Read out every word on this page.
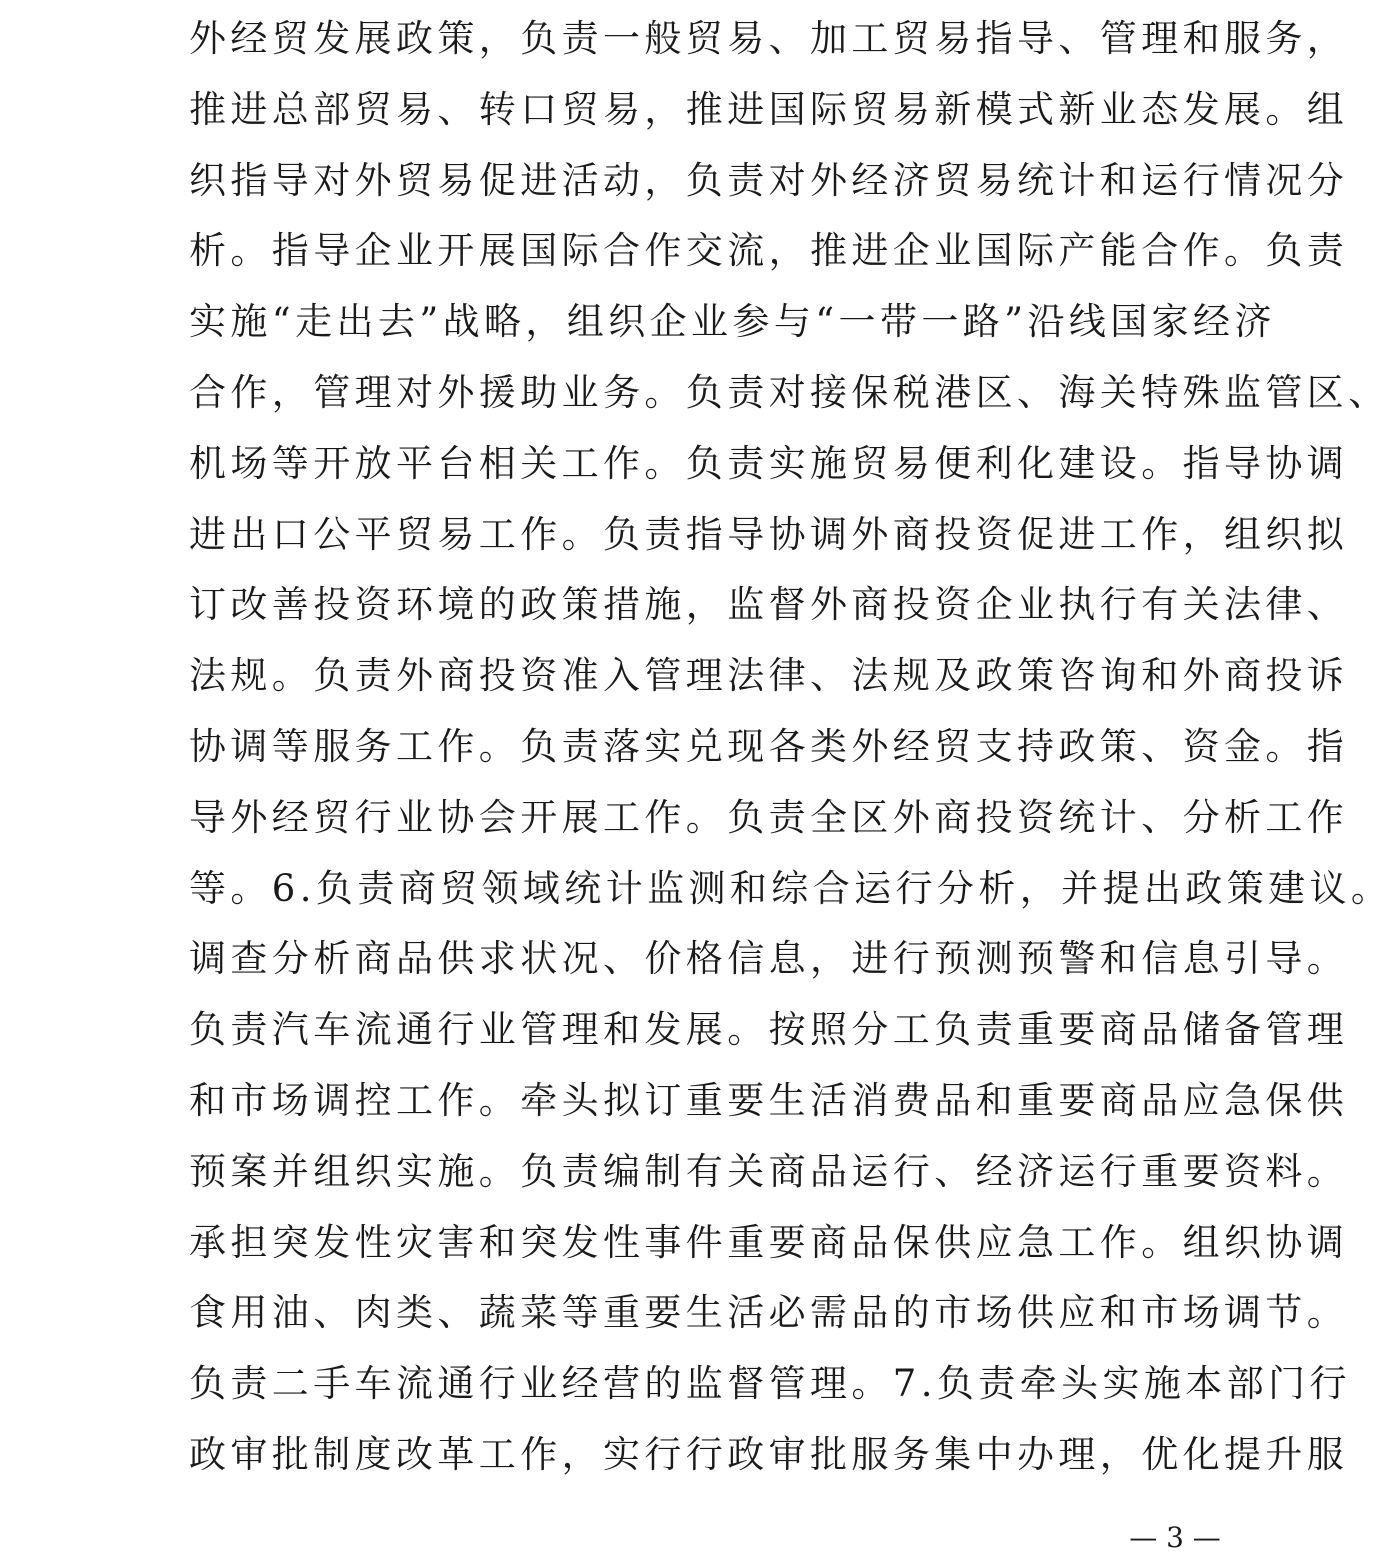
外经贸发展政策，负责一般贸易、加工贸易指导、管理和服务，
推进总部贸易、转口贸易，推进国际贸易新模式新业态发展。组
织指导对外贸易促进活动，负责对外经济贸易统计和运行情况分
析。指导企业开展国际合作交流，推进企业国际产能合作。负责
实施“走出去”战略，组织企业参与“一带一路”沿线国家经济
合作，管理对外援助业务。负责对接保税港区、海关特殊监管区、
机场等开放平台相关工作。负责实施贸易便利化建设。指导协调
进出口公平贸易工作。负责指导协调外商投资促进工作，组织拟
订改善投资环境的政策措施，监督外商投资企业执行有关法律、
法规。负责外商投资准入管理法律、法规及政策咨询和外商投诉
协调等服务工作。负责落实兑现各类外经贸支持政策、资金。指
导外经贸行业协会开展工作。负责全区外商投资统计、分析工作
等。6.负责商贸领域统计监测和综合运行分析，并提出政策建议。
调查分析商品供求状况、价格信息，进行预测预警和信息引导。
负责汽车流通行业管理和发展。按照分工负责重要商品储备管理
和市场调控工作。牵头拟订重要生活消费品和重要商品应急保供
预案并组织实施。负责编制有关商品运行、经济运行重要资料。
承担突发性灾害和突发性事件重要商品保供应急工作。组织协调
食用油、肉类、蔬菜等重要生活必需品的市场供应和市场调节。
负责二手车流通行业经营的监督管理。7.负责牵头实施本部门行
政审批制度改革工作，实行行政审批服务集中办理，优化提升服
— 3 —
